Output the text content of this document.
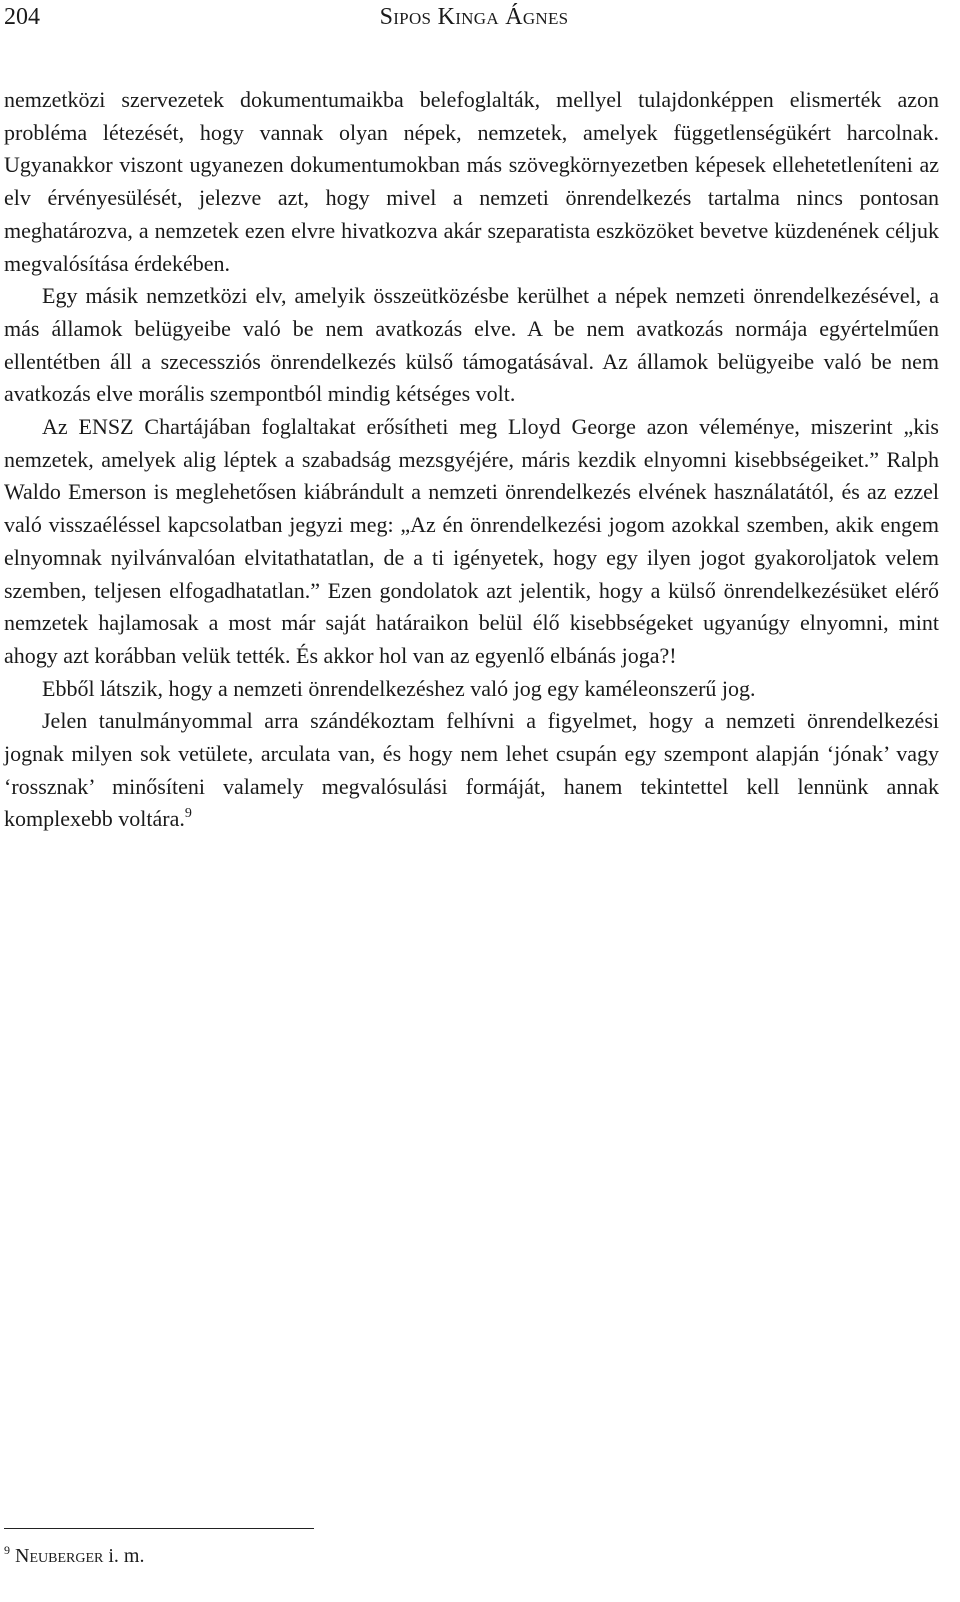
204	Sipos Kinga Ágnes

nemzetközi szervezetek dokumentumaikba belefoglalták, mellyel tulajdonképpen elismerték azon probléma létezését, hogy vannak olyan népek, nemzetek, amelyek függetlenségükért harcolnak. Ugyanakkor viszont ugyanezen dokumentumokban más szövegkörnyezetben képesek ellehetetleníteni az elv érvényesülését, jelezve azt, hogy mivel a nemzeti önrendelkezés tartalma nincs pontosan meghatározva, a nemzetek ezen elvre hivatkozva akár szeparatista eszközöket bevetve küzdenének céljuk megvalósítása érdekében.

Egy másik nemzetközi elv, amelyik összeütközésbe kerülhet a népek nemzeti önrendelkezésével, a más államok belügyeibe való be nem avatkozás elve. A be nem avatkozás normája egyértelműen ellentétben áll a szecessziós önrendelkezés külső támogatásával. Az államok belügyeibe való be nem avatkozás elve morális szempontból mindig kétséges volt.

Az ENSZ Chartájában foglaltakat erősítheti meg Lloyd George azon véleménye, miszerint „kis nemzetek, amelyek alig léptek a szabadság mezsgyéjére, máris kezdik elnyomni kisebbségeiket.” Ralph Waldo Emerson is meglehetősen kiábrándult a nemzeti önrendelkezés elvének használatától, és az ezzel való visszaéléssel kapcsolatban jegyzi meg: „Az én önrendelkezési jogom azokkal szemben, akik engem elnyomnak nyilvánvalóan elvitathatatlan, de a ti igényetek, hogy egy ilyen jogot gyakoroljatok velem szemben, teljesen elfogadhatatlan.” Ezen gondolatok azt jelentik, hogy a külső önrendelkezésüket elérő nemzetek hajlamosak a most már saját határaikon belül élő kisebbségeket ugyanúgy elnyomni, mint ahogy azt korábban velük tették. És akkor hol van az egyenlő elbánás joga?!

Ebből látszik, hogy a nemzeti önrendelkezéshez való jog egy kaméleonszerű jog.

Jelen tanulmányommal arra szándékoztam felhívni a figyelmet, hogy a nemzeti önrendelkezési jognak milyen sok vetülete, arculata van, és hogy nem lehet csupán egy szempont alapján ‘jónak’ vagy ‘rossznak’ minősíteni valamely megvalósulási formáját, hanem tekintettel kell lennünk annak komplexebb voltára.$^9$

$^9$ Neuberger i. m.
